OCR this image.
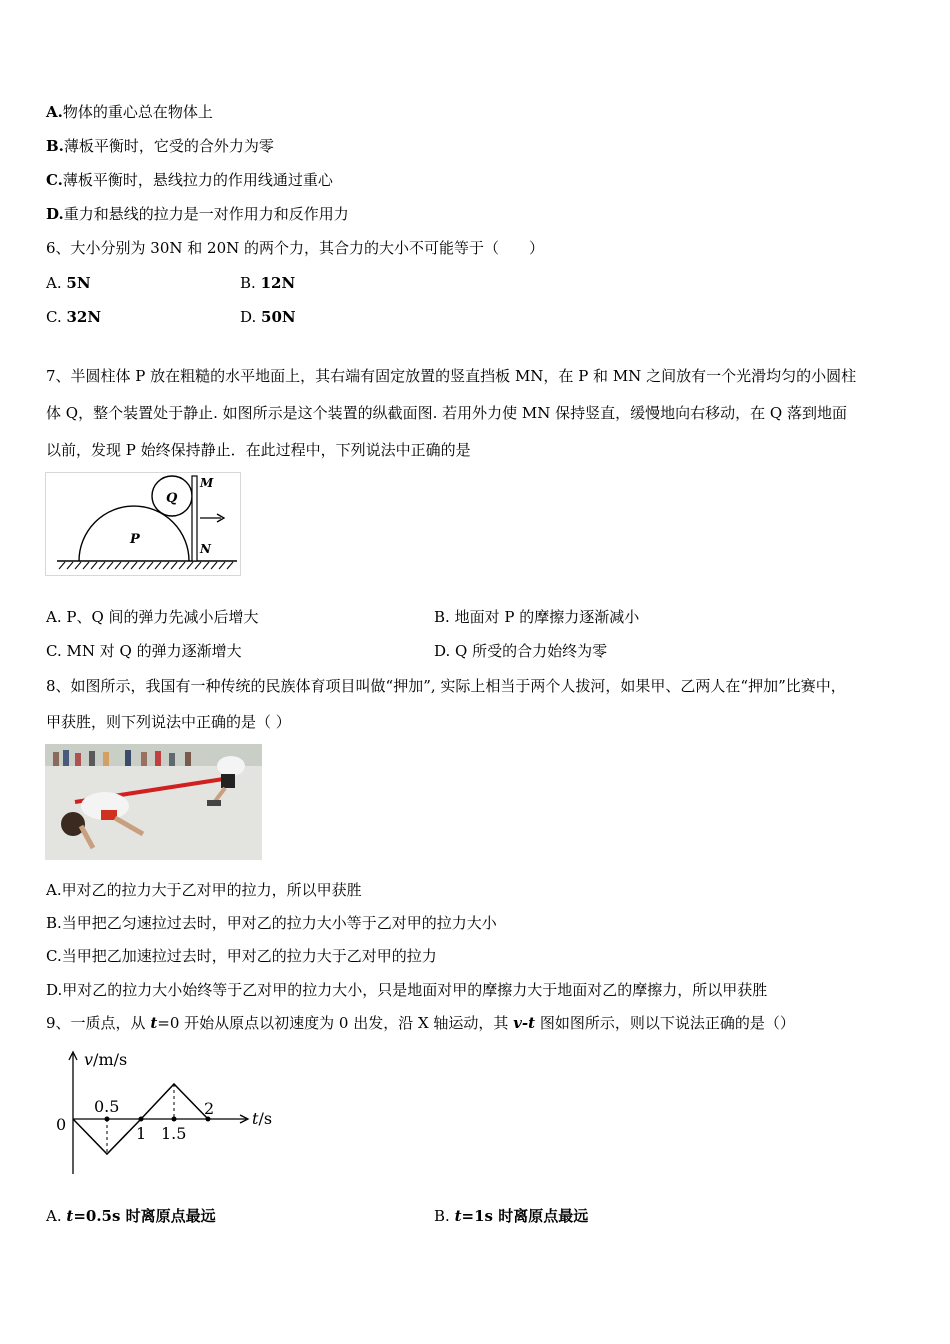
A.物体的重心总在物体上
B.薄板平衡时，它受的合外力为零
C.薄板平衡时，悬线拉力的作用线通过重心
D.重力和悬线的拉力是一对作用力和反作用力
6、大小分别为 30N 和 20N 的两个力，其合力的大小不可能等于（　　）
A. 5N	B. 12N
C. 32N	D. 50N
7、半圆柱体 P 放在粗糙的水平地面上，其右端有固定放置的竖直挡板 MN，在 P 和 MN 之间放有一个光滑均匀的小圆柱
体 Q，整个装置处于静止. 如图所示是这个装置的纵截面图. 若用外力使 MN 保持竖直，缓慢地向右移动，在 Q 落到地面
以前，发现 P 始终保持静止．在此过程中，下列说法中正确的是
P
Q
M
N
A. P、Q 间的弹力先减小后增大	B. 地面对 P 的摩擦力逐渐减小
C. MN 对 Q 的弹力逐渐增大	D. Q 所受的合力始终为零
8、如图所示，我国有一种传统的民族体育项目叫做“押加”, 实际上相当于两个人拔河，如果甲、乙两人在“押加”比赛中，
甲获胜，则下列说法中正确的是（ ）
A.甲对乙的拉力大于乙对甲的拉力，所以甲获胜
B.当甲把乙匀速拉过去时，甲对乙的拉力大小等于乙对甲的拉力大小
C.当甲把乙加速拉过去时，甲对乙的拉力大于乙对甲的拉力
D.甲对乙的拉力大小始终等于乙对甲的拉力大小，只是地面对甲的摩擦力大于地面对乙的摩擦力，所以甲获胜
9、一质点，从 t=0 开始从原点以初速度为 0 出发，沿 X 轴运动，其 v-t 图如图所示，则以下说法正确的是（）
v/m/s
t/s
0
0.5
1 1.5
2
A. t=0.5s 时离原点最远	B. t=1s 时离原点最远
